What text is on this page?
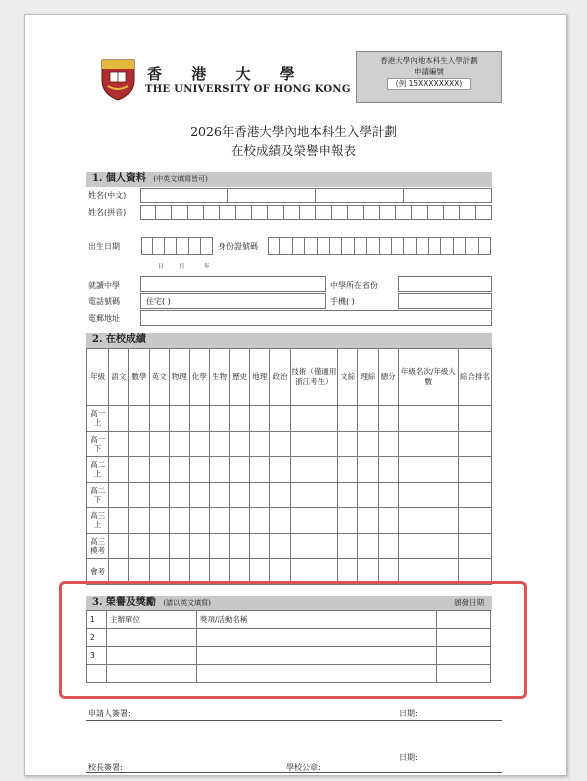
香 港 大 學
THE UNIVERSITY OF HONG KONG
香港大學內地本科生入學計劃
申請編號
(例 15XXXXXXXX)
2026年香港大學內地本科生入學計劃
在校成績及榮譽申報表
1. 個人資料 (中英文填寫皆可)
姓名(中文)
姓名(拼音)
出生日期
日	月	年
身份證號碼
就讀中學	中學所在省份
電話號碼	住宅( )	手機( )
電郵地址
2. 在校成績
年級	語文	數學	英文	物理	化學	生物	歷史	地理	政治	技術（僅適用浙江考生）	文綜	理綜	總分	年級名次/年級人數	綜合排名
高一上															
高一下															
高二上															
高二下															
高三上															
高三模考															
會考															
3. 榮譽及獎勵 (請以英文填寫)	頒發日期
1	主辦單位	獎項/活動名稱	
2			
3			

申請人簽署:	日期:
日期:
校長簽署:	學校公章:
